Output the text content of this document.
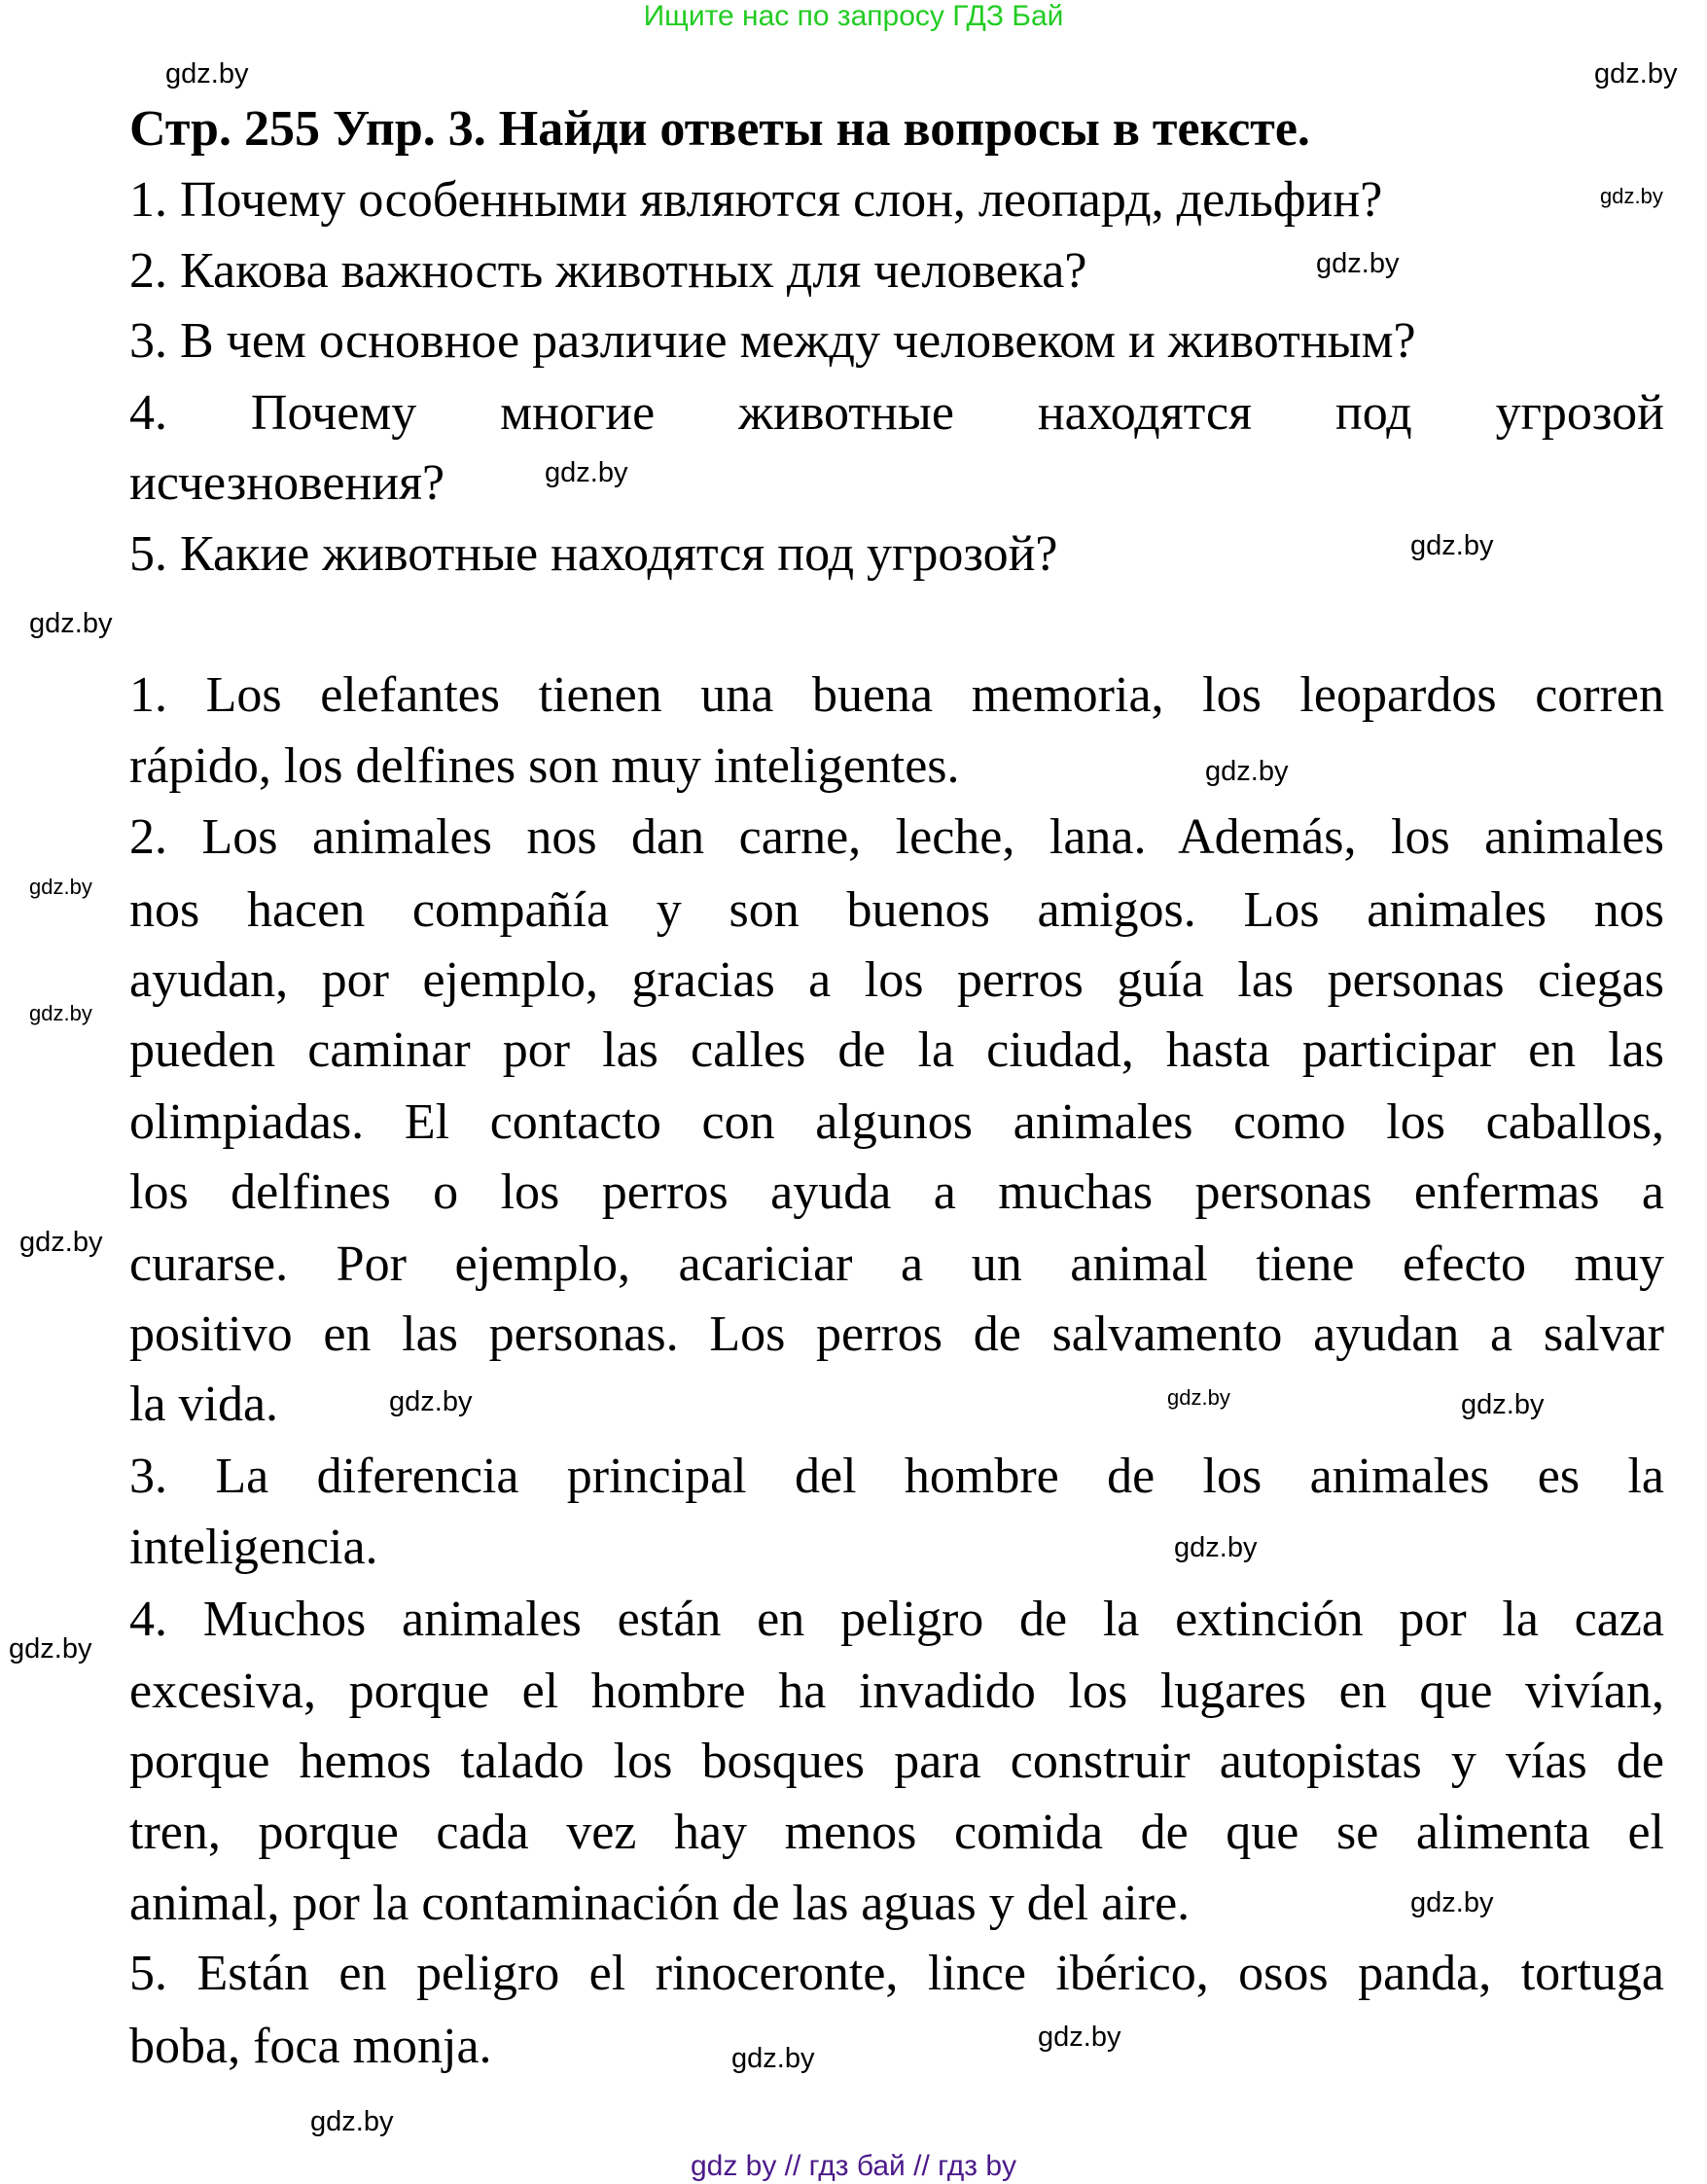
Ищите нас по запросу ГДЗ Бай
Стр. 255 Упр. 3. Найди ответы на вопросы в тексте.
1. Почему особенными являются слон, леопард, дельфин?
2. Какова важность животных для человека?
3. В чем основное различие между человеком и животным?
4. Почему многие животные находятся под угрозой
исчезновения?
5. Какие животные находятся под угрозой?
1. Los elefantes tienen una buena memoria, los leopardos corren
rápido, los delfines son muy inteligentes.
2. Los animales nos dan carne, leche, lana. Además, los animales
nos hacen compañía y son buenos amigos. Los animales nos
ayudan, por ejemplo, gracias a los perros guía las personas ciegas
pueden caminar por las calles de la ciudad, hasta participar en las
olimpiadas. El contacto con algunos animales como los caballos,
los delfines o los perros ayuda a muchas personas enfermas a
curarse. Por ejemplo, acariciar a un animal tiene efecto muy
positivo en las personas. Los perros de salvamento ayudan a salvar
la vida.
3. La diferencia principal del hombre de los animales es la
inteligencia.
4. Muchos animales están en peligro de la extinción por la caza
excesiva, porque el hombre ha invadido los lugares en que vivían,
porque hemos talado los bosques para construir autopistas y vías de
tren, porque cada vez hay menos comida de que se alimenta el
animal, por la contaminación de las aguas y del aire.
5. Están en peligro el rinoceronte, lince ibérico, osos panda, tortuga
boba, foca monja.
gdz.by	gdz.by
gdz.by
gdz.by
gdz.by
gdz.by
gdz.by
gdz.by
gdz.by
gdz.by
gdz.by
gdz.by
gdz.by	gdz.by
gdz.by
gdz.by
gdz.by
gdz.by
gdz.by
gdz.by
gdz by // гдз бай // гдз by
